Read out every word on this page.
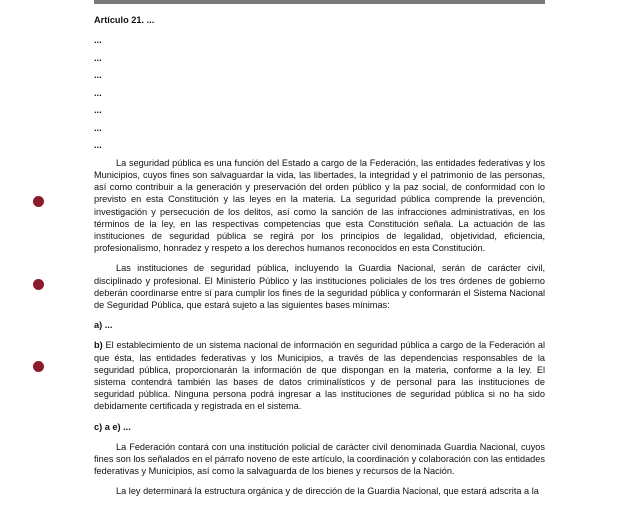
Artículo 21. ...
...
...
...
...
...
...
...

La seguridad pública es una función del Estado a cargo de la Federación, las entidades federativas y los Municipios, cuyos fines son salvaguardar la vida, las libertades, la integridad y el patrimonio de las personas, así como contribuir a la generación y preservación del orden público y la paz social, de conformidad con lo previsto en esta Constitución y las leyes en la materia. La seguridad pública comprende la prevención, investigación y persecución de los delitos, así como la sanción de las infracciones administrativas, en los términos de la ley, en las respectivas competencias que esta Constitución señala. La actuación de las instituciones de seguridad pública se regirá por los principios de legalidad, objetividad, eficiencia, profesionalismo, honradez y respeto a los derechos humanos reconocidos en esta Constitución.

Las instituciones de seguridad pública, incluyendo la Guardia Nacional, serán de carácter civil, disciplinado y profesional. El Ministerio Público y las instituciones policiales de los tres órdenes de gobierno deberán coordinarse entre sí para cumplir los fines de la seguridad pública y conformarán el Sistema Nacional de Seguridad Pública, que estará sujeto a las siguientes bases mínimas:

a) ...

b) El establecimiento de un sistema nacional de información en seguridad pública a cargo de la Federación al que ésta, las entidades federativas y los Municipios, a través de las dependencias responsables de la seguridad pública, proporcionarán la información de que dispongan en la materia, conforme a la ley. El sistema contendrá también las bases de datos criminalísticos y de personal para las instituciones de seguridad pública. Ninguna persona podrá ingresar a las instituciones de seguridad pública si no ha sido debidamente certificada y registrada en el sistema.

c) a e) ...

La Federación contará con una institución policial de carácter civil denominada Guardia Nacional, cuyos fines son los señalados en el párrafo noveno de este artículo, la coordinación y colaboración con las entidades federativas y Municipios, así como la salvaguarda de los bienes y recursos de la Nación.

La ley determinará la estructura orgánica y de dirección de la Guardia Nacional, que estará adscrita a la
